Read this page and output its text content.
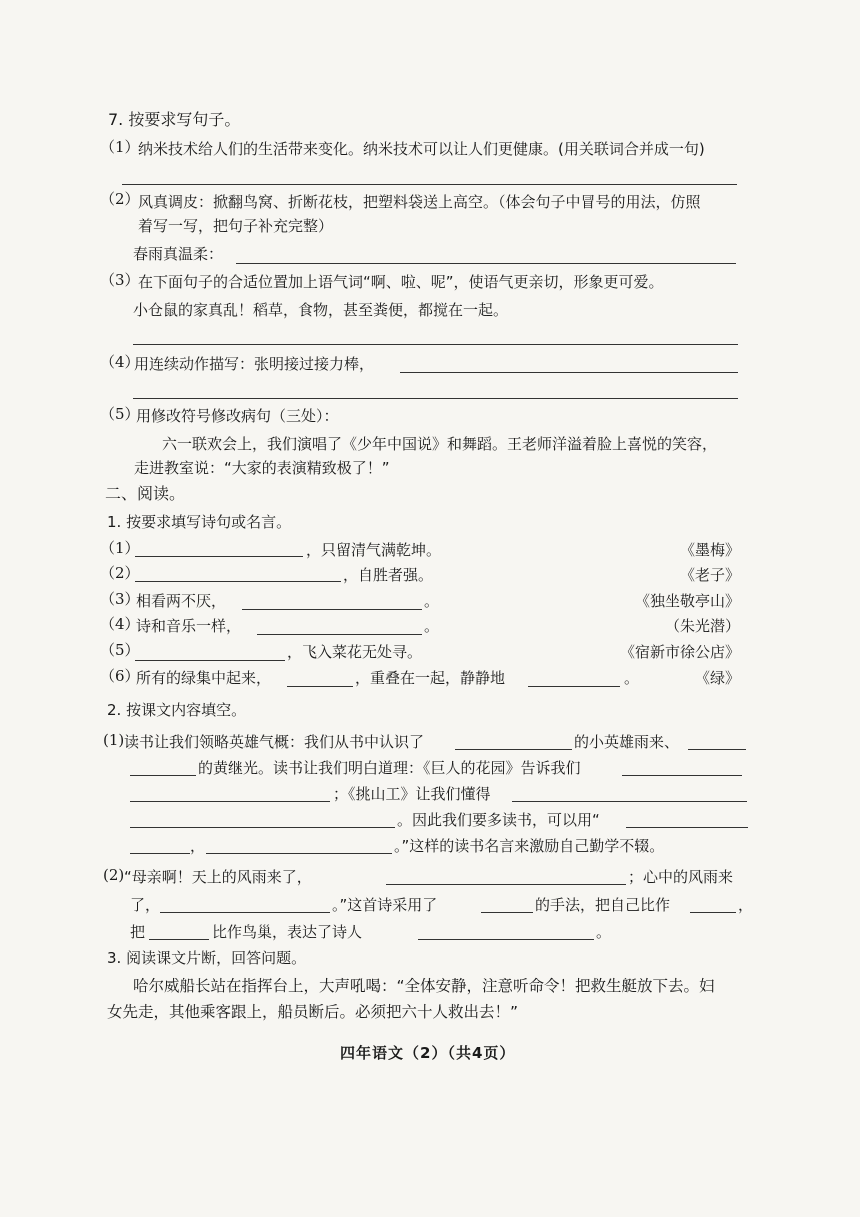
7. 按要求写句子。
（1）
纳米技术给人们的生活带来变化。纳米技术可以让人们更健康。(用关联词合并成一句)
（2）
风真调皮：掀翻鸟窝、折断花枝，把塑料袋送上高空。（体会句子中冒号的用法，仿照
着写一写，把句子补充完整）
春雨真温柔：
（3）
在下面句子的合适位置加上语气词“啊、啦、呢”，使语气更亲切，形象更可爱。
小仓鼠的家真乱！稻草，食物，甚至粪便，都搅在一起。
（4）
用连续动作描写：张明接过接力棒，
（5）
用修改符号修改病句（三处）：
六一联欢会上，我们演唱了《少年中国说》和舞蹈。王老师洋溢着脸上喜悦的笑容，
走进教室说：“大家的表演精致极了！”
二、阅读。
1. 按要求填写诗句或名言。
（1）	，只留清气满乾坤。	《墨梅》
（2）	，自胜者强。	《老子》
（3）
相看两不厌，	。	《独坐敬亭山》
（4）
诗和音乐一样，	。	（朱光潜）
（5）	，飞入菜花无处寻。	《宿新市徐公店》
（6）
所有的绿集中起来，	，重叠在一起，静静地	。	《绿》
2. 按课文内容填空。
(1) 读书让我们领略英雄气概：我们从书中认识了	的小英雄雨来、
的黄继光。读书让我们明白道理：《巨人的花园》告诉我们
；《挑山工》让我们懂得
。因此我们要多读书，可以用“
，	。”这样的读书名言来激励自己勤学不辍。
(2) “母亲啊！天上的风雨来了，	；心中的风雨来
了，	。”这首诗采用了	的手法，把自己比作	，
把	比作鸟巢，表达了诗人	。
3. 阅读课文片断，回答问题。
哈尔威船长站在指挥台上，大声吼喝：“全体安静，注意听命令！把救生艇放下去。妇
女先走，其他乘客跟上，船员断后。必须把六十人救出去！”
四年语文（2）（共4页）
